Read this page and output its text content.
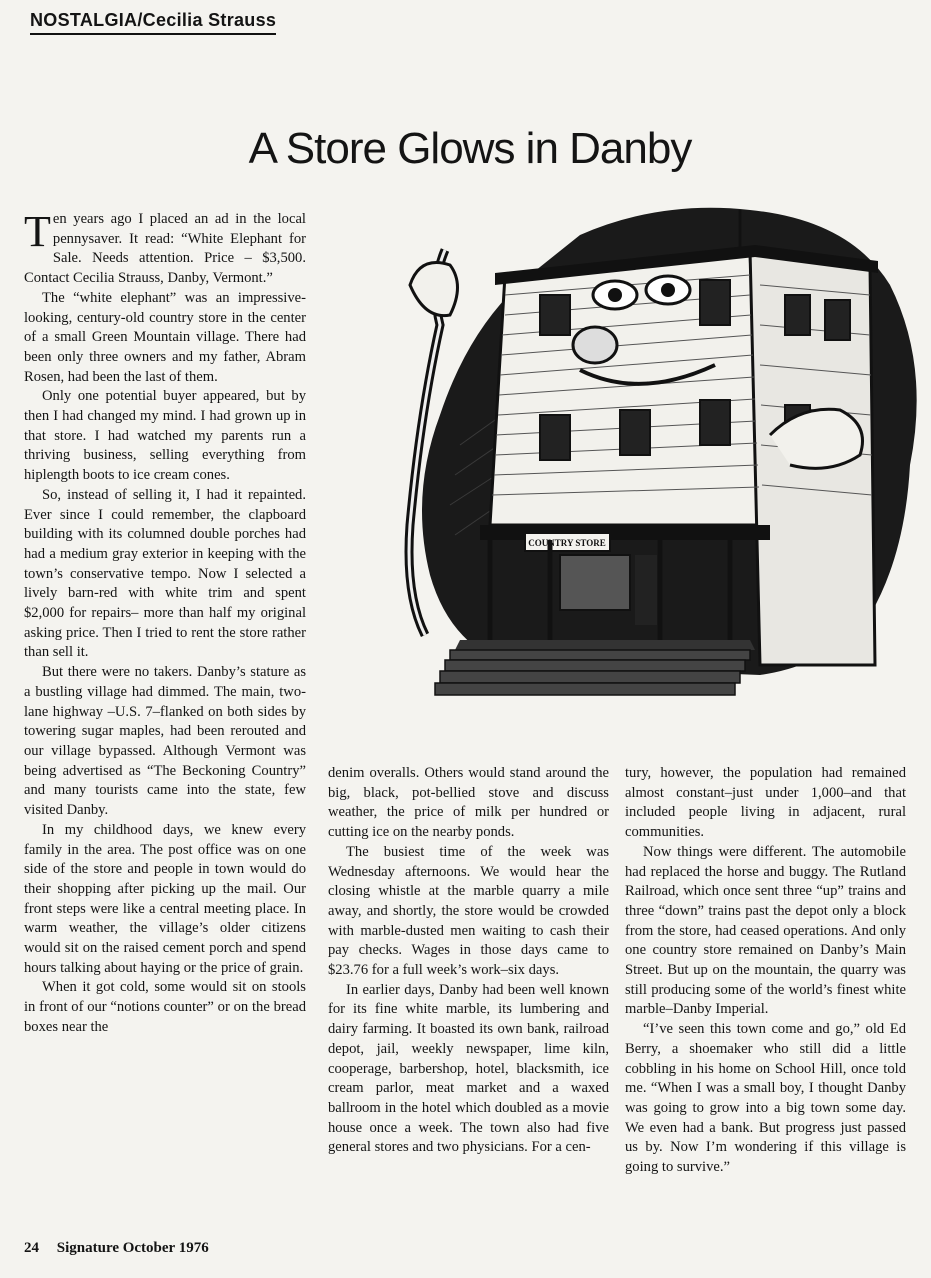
NOSTALGIA/Cecilia Strauss
A Store Glows in Danby
COUNTRY STORE

Ten years ago I placed an ad in the local pennysaver. It read: “White Elephant for Sale. Needs attention. Price – $3,500. Contact Cecilia Strauss, Danby, Vermont.”

The “white elephant” was an impressive-looking, century-old country store in the center of a small Green Mountain village. There had been only three owners and my father, Abram Rosen, had been the last of them.

Only one potential buyer appeared, but by then I had changed my mind. I had grown up in that store. I had watched my parents run a thriving business, selling everything from hiplength boots to ice cream cones.

So, instead of selling it, I had it repainted. Ever since I could remember, the clapboard building with its columned double porches had had a medium gray exterior in keeping with the town’s conservative tempo. Now I selected a lively barn-red with white trim and spent $2,000 for repairs– more than half my original asking price. Then I tried to rent the store rather than sell it.

But there were no takers. Danby’s stature as a bustling village had dimmed. The main, two-lane highway –U.S. 7–flanked on both sides by towering sugar maples, had been rerouted and our village bypassed. Although Vermont was being advertised as “The Beckoning Country” and many tourists came into the state, few visited Danby.

In my childhood days, we knew every family in the area. The post office was on one side of the store and people in town would do their shopping after picking up the mail. Our front steps were like a central meeting place. In warm weather, the village’s older citizens would sit on the raised cement porch and spend hours talking about haying or the price of grain.

When it got cold, some would sit on stools in front of our “notions counter” or on the bread boxes near the

denim overalls. Others would stand around the big, black, pot-bellied stove and discuss weather, the price of milk per hundred or cutting ice on the nearby ponds.

The busiest time of the week was Wednesday afternoons. We would hear the closing whistle at the marble quarry a mile away, and shortly, the store would be crowded with marble-dusted men waiting to cash their pay checks. Wages in those days came to $23.76 for a full week’s work–six days.

In earlier days, Danby had been well known for its fine white marble, its lumbering and dairy farming. It boasted its own bank, railroad depot, jail, weekly newspaper, lime kiln, cooperage, barbershop, hotel, blacksmith, ice cream parlor, meat market and a waxed ballroom in the hotel which doubled as a movie house once a week. The town also had five general stores and two physicians. For a cen-

tury, however, the population had remained almost constant–just under 1,000–and that included people living in adjacent, rural communities.

Now things were different. The automobile had replaced the horse and buggy. The Rutland Railroad, which once sent three “up” trains and three “down” trains past the depot only a block from the store, had ceased operations. And only one country store remained on Danby’s Main Street. But up on the mountain, the quarry was still producing some of the world’s finest white marble–Danby Imperial.

“I’ve seen this town come and go,” old Ed Berry, a shoemaker who still did a little cobbling in his home on School Hill, once told me. “When I was a small boy, I thought Danby was going to grow into a big town some day. We even had a bank. But progress just passed us by. Now I’m wondering if this village is going to survive.”

24 Signature October 1976
